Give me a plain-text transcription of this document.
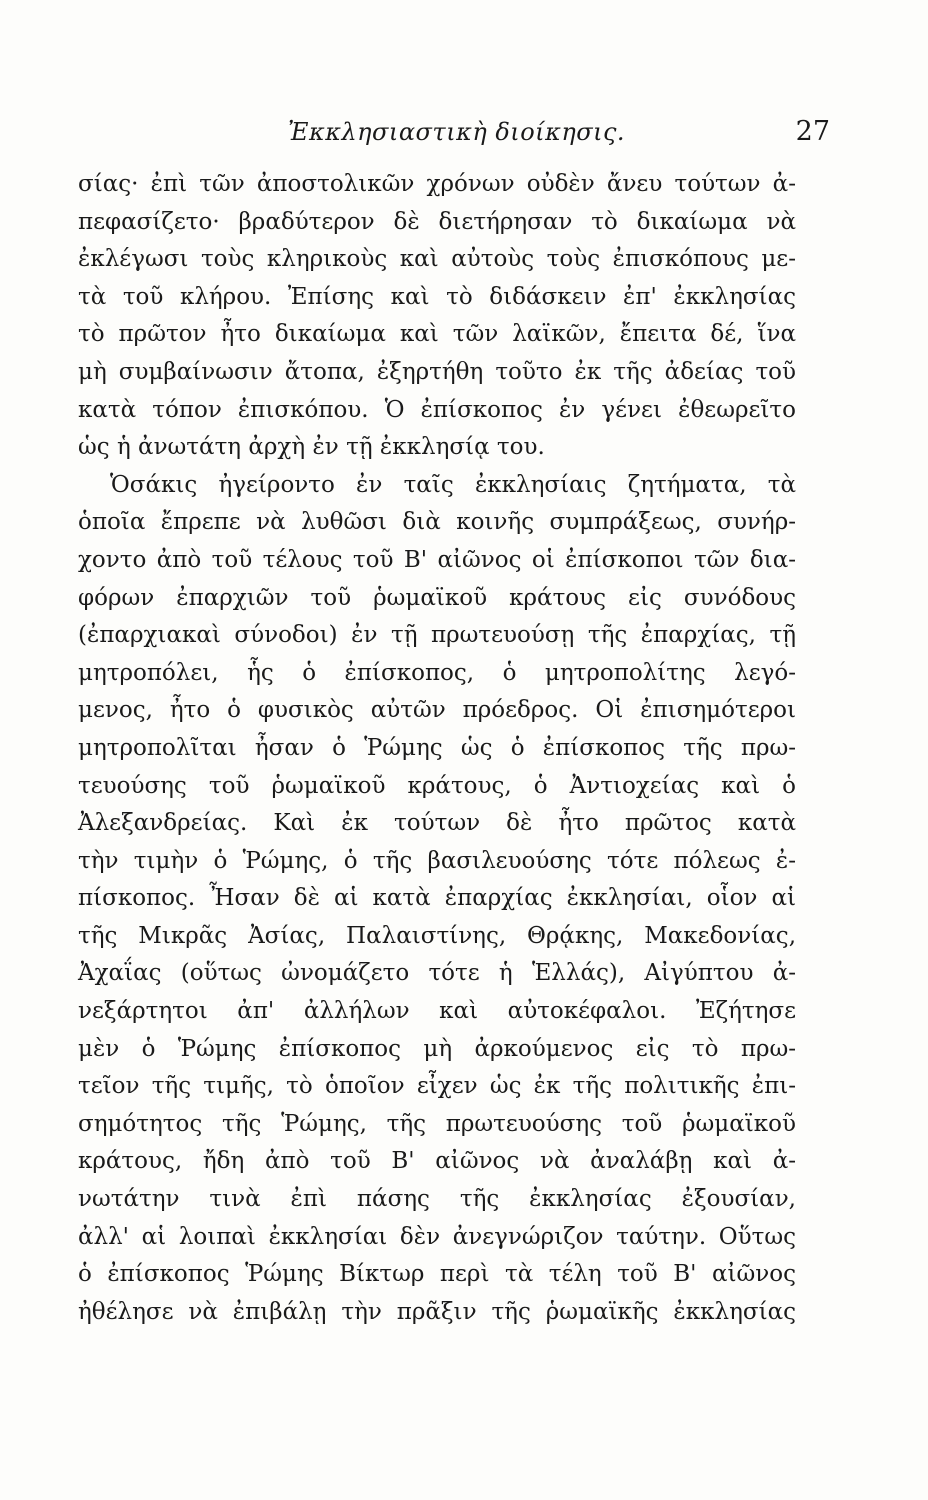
Ἐκκλησιαστικὴ διοίκησις.	27
σίας· ἐπὶ τῶν ἀποστολικῶν χρόνων οὐδὲν ἄνευ τούτων ἀ-
πεφασίζετο· βραδύτερον δὲ διετήρησαν τὸ δικαίωμα νὰ
ἐκλέγωσι τοὺς κληρικοὺς καὶ αὐτοὺς τοὺς ἐπισκόπους με-
τὰ τοῦ κλήρου. Ἐπίσης καὶ τὸ διδάσκειν ἐπ' ἐκκλησίας
τὸ πρῶτον ἦτο δικαίωμα καὶ τῶν λαϊκῶν, ἔπειτα δέ, ἵνα
μὴ συμβαίνωσιν ἄτοπα, ἐξηρτήθη τοῦτο ἐκ τῆς ἀδείας τοῦ
κατὰ τόπον ἐπισκόπου. Ὁ ἐπίσκοπος ἐν γένει ἐθεωρεῖτο
ὡς ἡ ἀνωτάτη ἀρχὴ ἐν τῇ ἐκκλησίᾳ του.
Ὁσάκις ἠγείροντο ἐν ταῖς ἐκκλησίαις ζητήματα, τὰ
ὁποῖα ἔπρεπε νὰ λυθῶσι διὰ κοινῆς συμπράξεως, συνήρ-
χοντο ἀπὸ τοῦ τέλους τοῦ Β' αἰῶνος οἱ ἐπίσκοποι τῶν δια-
φόρων ἐπαρχιῶν τοῦ ῥωμαϊκοῦ κράτους εἰς συνόδους
(ἐπαρχιακαὶ σύνοδοι) ἐν τῇ πρωτευούσῃ τῆς ἐπαρχίας, τῇ
μητροπόλει, ἧς ὁ ἐπίσκοπος, ὁ μητροπολίτης λεγό-
μενος, ἦτο ὁ φυσικὸς αὐτῶν πρόεδρος. Οἱ ἐπισημότεροι
μητροπολῖται ἦσαν ὁ Ῥώμης ὡς ὁ ἐπίσκοπος τῆς πρω-
τευούσης τοῦ ῥωμαϊκοῦ κράτους, ὁ Ἀντιοχείας καὶ ὁ
Ἀλεξανδρείας. Καὶ ἐκ τούτων δὲ ἦτο πρῶτος κατὰ
τὴν τιμὴν ὁ Ῥώμης, ὁ τῆς βασιλευούσης τότε πόλεως ἐ-
πίσκοπος. Ἦσαν δὲ αἱ κατὰ ἐπαρχίας ἐκκλησίαι, οἷον αἱ
τῆς Μικρᾶς Ἀσίας, Παλαιστίνης, Θρᾴκης, Μακεδονίας,
Ἀχαΐας (οὕτως ὠνομάζετο τότε ἡ Ἑλλάς), Αἰγύπτου ἀ-
νεξάρτητοι ἀπ' ἀλλήλων καὶ αὐτοκέφαλοι. Ἐζήτησε
μὲν ὁ Ῥώμης ἐπίσκοπος μὴ ἀρκούμενος εἰς τὸ πρω-
τεῖον τῆς τιμῆς, τὸ ὁποῖον εἶχεν ὡς ἐκ τῆς πολιτικῆς ἐπι-
σημότητος τῆς Ῥώμης, τῆς πρωτευούσης τοῦ ῥωμαϊκοῦ
κράτους, ἤδη ἀπὸ τοῦ Β' αἰῶνος νὰ ἀναλάβῃ καὶ ἀ-
νωτάτην τινὰ ἐπὶ πάσης τῆς ἐκκλησίας ἐξουσίαν,
ἀλλ' αἱ λοιπαὶ ἐκκλησίαι δὲν ἀνεγνώριζον ταύτην. Οὕτως
ὁ ἐπίσκοπος Ῥώμης Βίκτωρ περὶ τὰ τέλη τοῦ Β' αἰῶνος
ἠθέλησε νὰ ἐπιβάλῃ τὴν πρᾶξιν τῆς ῥωμαϊκῆς ἐκκλησίας
